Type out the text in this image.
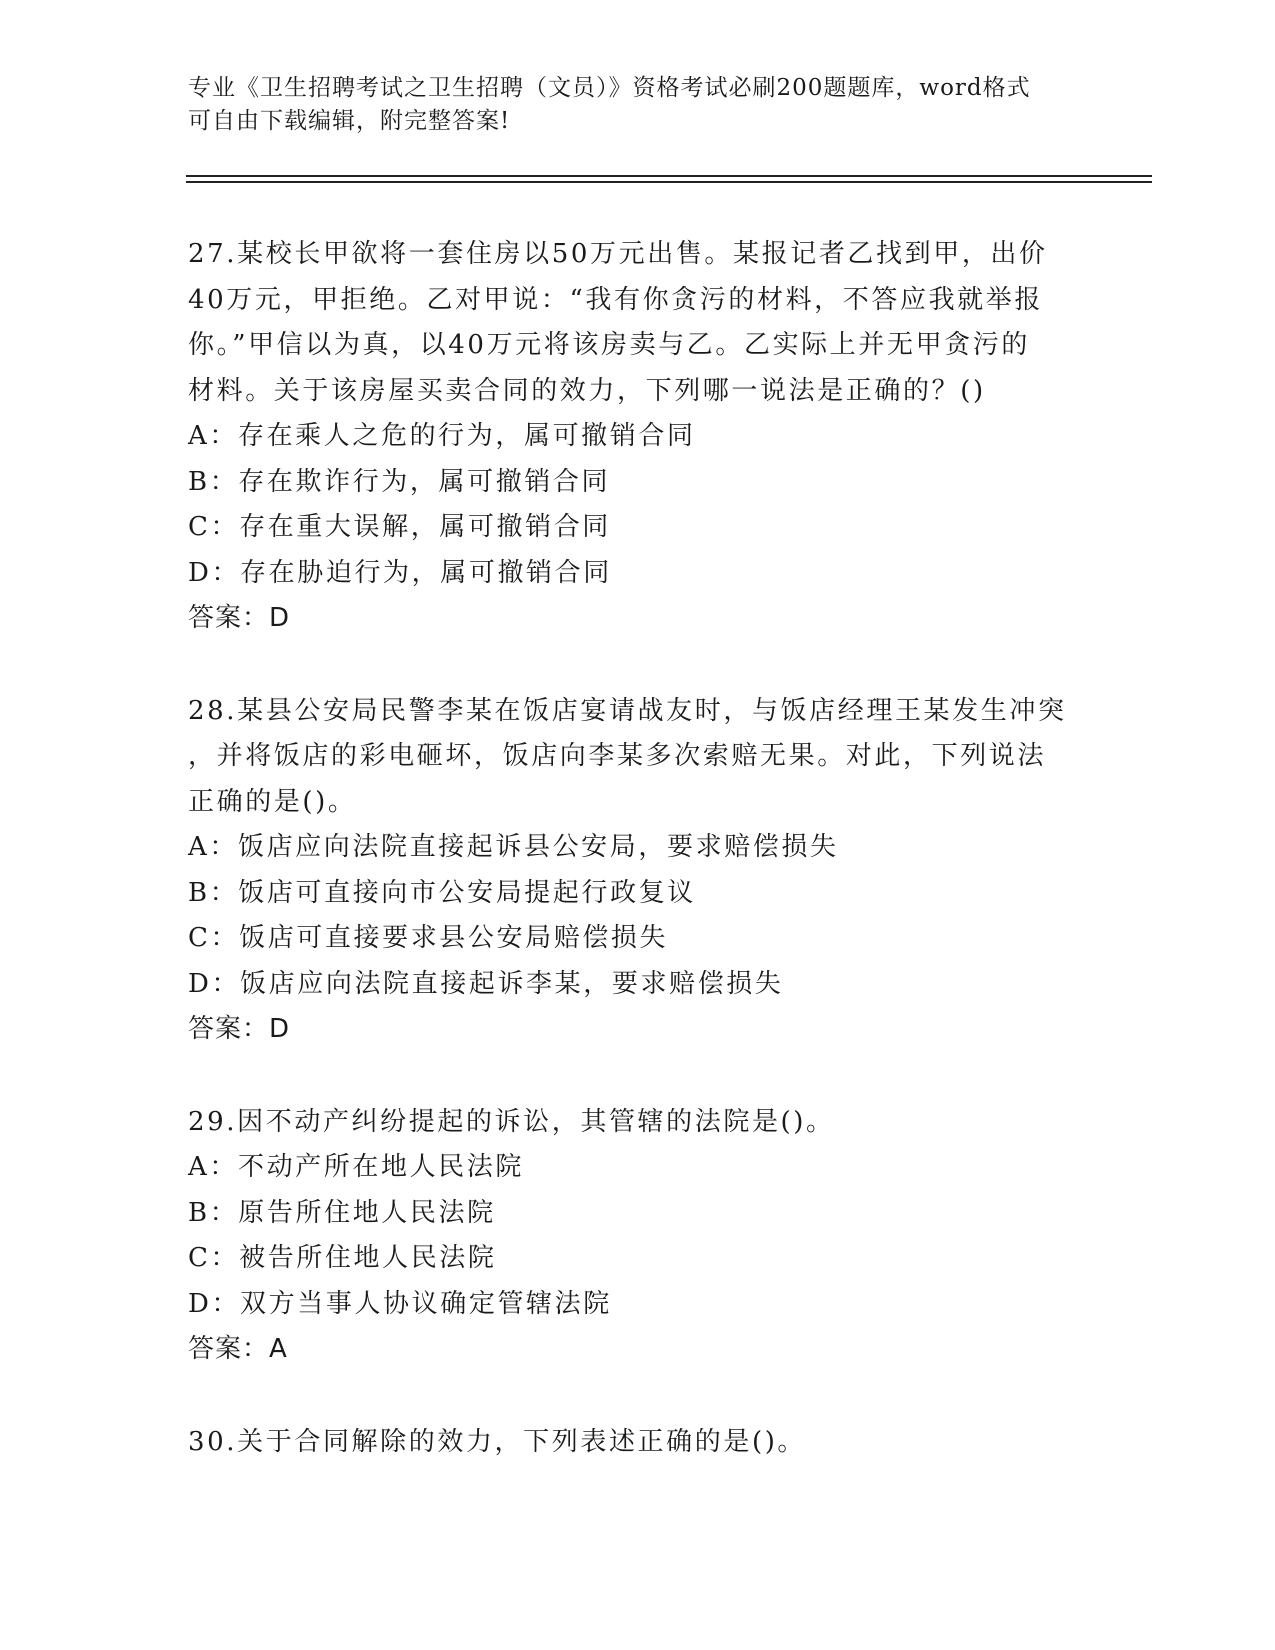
专业《卫生招聘考试之卫生招聘（文员）》资格考试必刷200题题库，word格式
可自由下载编辑，附完整答案!

27.某校长甲欲将一套住房以50万元出售。某报记者乙找到甲，出价

40万元，甲拒绝。乙对甲说：“我有你贪污的材料，不答应我就举报

你。”甲信以为真，以40万元将该房卖与乙。乙实际上并无甲贪污的

材料。关于该房屋买卖合同的效力，下列哪一说法是正确的？()

A：存在乘人之危的行为，属可撤销合同

B：存在欺诈行为，属可撤销合同

C：存在重大误解，属可撤销合同

D：存在胁迫行为，属可撤销合同

答案：D

28.某县公安局民警李某在饭店宴请战友时，与饭店经理王某发生冲突

，并将饭店的彩电砸坏，饭店向李某多次索赔无果。对此，下列说法

正确的是()。

A：饭店应向法院直接起诉县公安局，要求赔偿损失

B：饭店可直接向市公安局提起行政复议

C：饭店可直接要求县公安局赔偿损失

D：饭店应向法院直接起诉李某，要求赔偿损失

答案：D

29.因不动产纠纷提起的诉讼，其管辖的法院是()。

A：不动产所在地人民法院

B：原告所住地人民法院

C：被告所住地人民法院

D：双方当事人协议确定管辖法院

答案：A

30.关于合同解除的效力，下列表述正确的是()。
